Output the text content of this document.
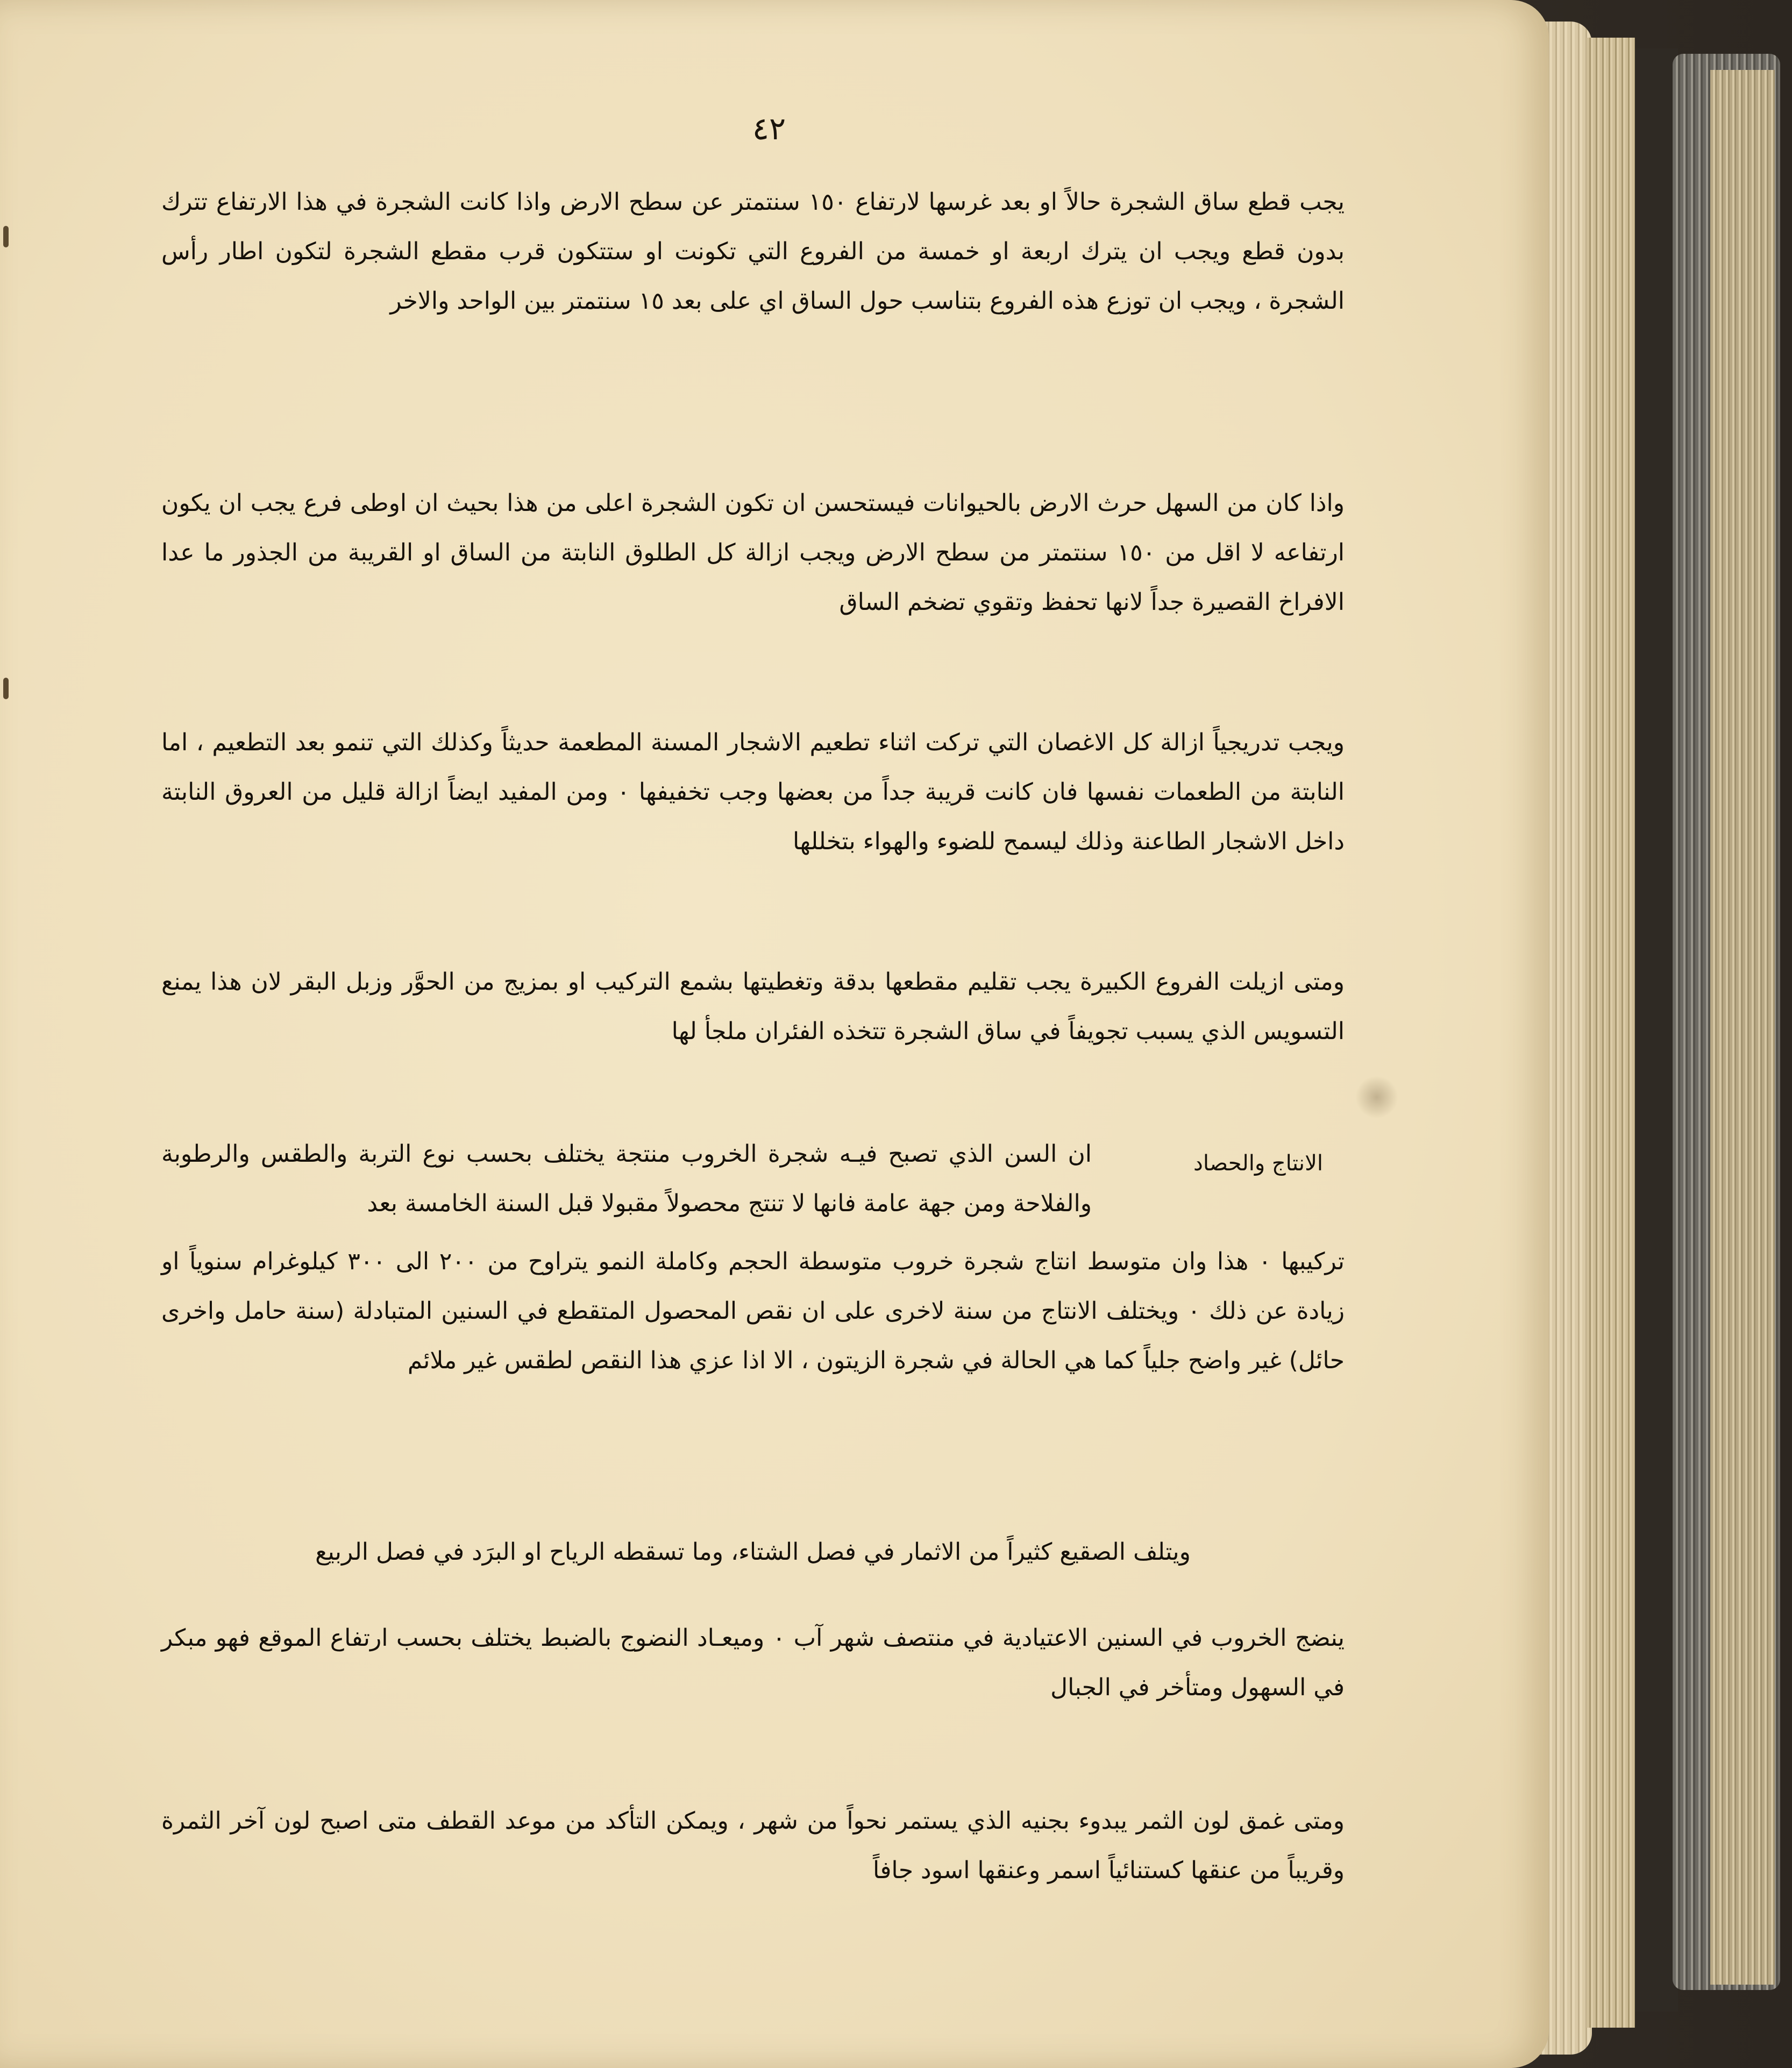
٤٢
يجب قطع ساق الشجرة حالاً او بعد غرسها لارتفاع ١٥٠ سنتمتر عن سطح الارض واذا كانت الشجرة في هذا الارتفاع تترك بدون قطع ويجب ان يترك اربعة او خمسة من الفروع التي تكونت او ستتكون قرب مقطع الشجرة لتكون اطار رأس الشجرة ، ويجب ان توزع هذه الفروع بتناسب حول الساق اي على بعد ١٥ سنتمتر بين الواحد والاخر
واذا كان من السهل حرث الارض بالحيوانات فيستحسن ان تكون الشجرة اعلى من هذا بحيث ان اوطى فرع يجب ان يكون ارتفاعه لا اقل من ١٥٠ سنتمتر من سطح الارض ويجب ازالة كل الطلوق النابتة من الساق او القريبة من الجذور ما عدا الافراخ القصيرة جداً لانها تحفظ وتقوي تضخم الساق
ويجب تدريجياً ازالة كل الاغصان التي تركت اثناء تطعيم الاشجار المسنة المطعمة حديثاً وكذلك التي تنمو بعد التطعيم ، اما النابتة من الطعمات نفسها فان كانت قريبة جداً من بعضها وجب تخفيفها ٠ ومن المفيد ايضاً ازالة قليل من العروق النابتة داخل الاشجار الطاعنة وذلك ليسمح للضوء والهواء بتخللها
ومتى ازيلت الفروع الكبيرة يجب تقليم مقطعها بدقة وتغطيتها بشمع التركيب او بمزيج من الحوَّر وزبل البقر لان هذا يمنع التسويس الذي يسبب تجويفاً في ساق الشجرة تتخذه الفئران ملجأ لها
الانتاج والحصاد
ان السن الذي تصبح فيـه شجرة الخروب منتجة يختلف بحسب نوع التربة والطقس والرطوبة والفلاحة ومن جهة عامة فانها لا تنتج محصولاً مقبولا قبل السنة الخامسة بعد
تركيبها ٠ هذا وان متوسط انتاج شجرة خروب متوسطة الحجم وكاملة النمو يتراوح من ٢٠٠ الى ٣٠٠ كيلوغرام سنوياً او زيادة عن ذلك ٠ ويختلف الانتاج من سنة لاخرى على ان نقص المحصول المتقطع في السنين المتبادلة (سنة حامل واخرى حائل) غير واضح جلياً كما هي الحالة في شجرة الزيتون ، الا اذا عزي هذا النقص لطقس غير ملائم
ويتلف الصقيع كثيراً من الاثمار في فصل الشتاء، وما تسقطه الرياح او البرَد في فصل الربيع
ينضج الخروب في السنين الاعتيادية في منتصف شهر آب ٠ وميعـاد النضوج بالضبط يختلف بحسب ارتفاع الموقع فهو مبكر في السهول ومتأخر في الجبال
ومتى غمق لون الثمر يبدوء بجنيه الذي يستمر نحواً من شهر ، ويمكن التأكد من موعد القطف متى اصبح لون آخر الثمرة وقريباً من عنقها كستنائياً اسمر وعنقها اسود جافاً
